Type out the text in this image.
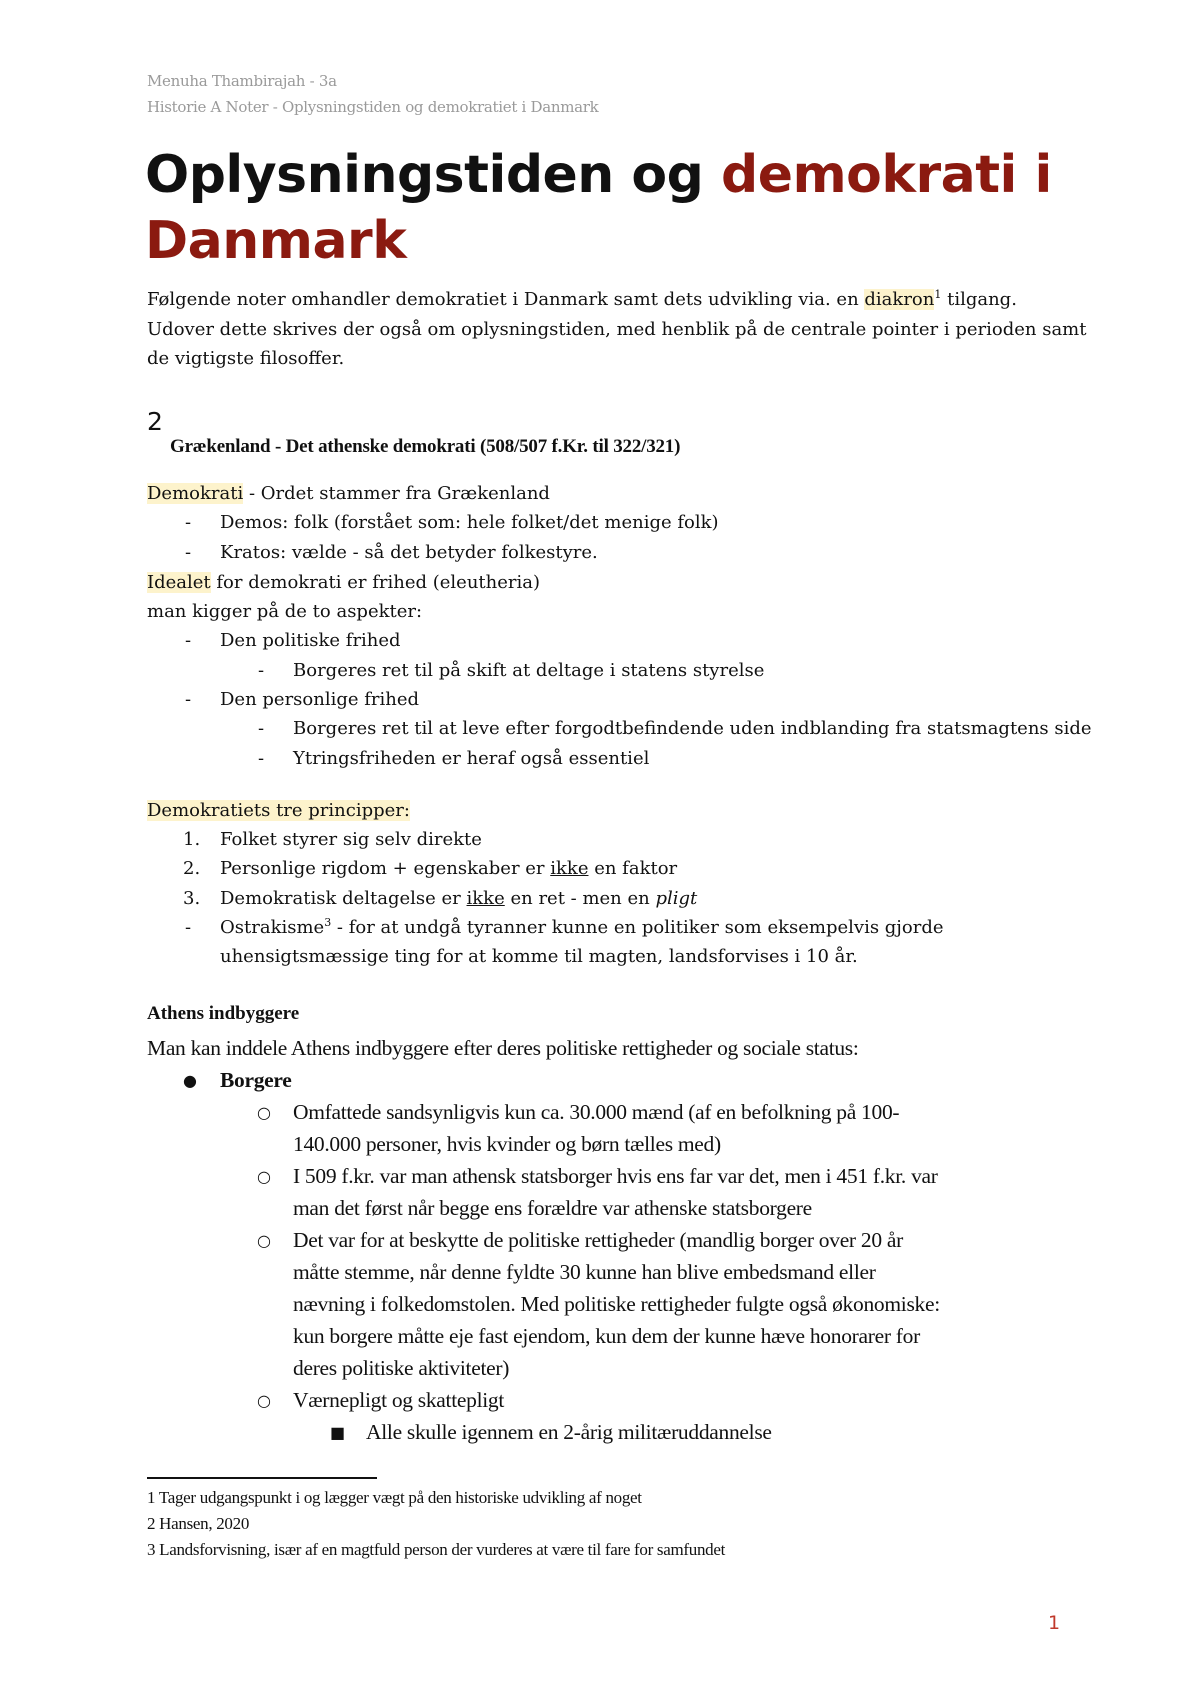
Menuha Thambirajah - 3a
Historie A Noter - Oplysningstiden og demokratiet i Danmark
Oplysningstiden og demokrati i
Danmark
Følgende noter omhandler demokratiet i Danmark samt dets udvikling via. en diakron$^1$ tilgang.
Udover dette skrives der også om oplysningstiden, med henblik på de centrale pointer i perioden samt
de vigtigste filosoffer.
2
Grækenland - Det athenske demokrati (508/507 f.Kr. til 322/321)
Demokrati - Ordet stammer fra Grækenland
- Demos: folk (forstået som: hele folket/det menige folk)
- Kratos: vælde - så det betyder folkestyre.
Idealet for demokrati er frihed (eleutheria)
man kigger på de to aspekter:
- Den politiske frihed
- Borgeres ret til på skift at deltage i statens styrelse
- Den personlige frihed
- Borgeres ret til at leve efter forgodtbefindende uden indblanding fra statsmagtens side
- Ytringsfriheden er heraf også essentiel
Demokratiets tre principper:
1. Folket styrer sig selv direkte
2. Personlige rigdom + egenskaber er ikke en faktor
3. Demokratisk deltagelse er ikke en ret - men en pligt
- Ostrakisme$^3$ - for at undgå tyranner kunne en politiker som eksempelvis gjorde
uhensigtsmæssige ting for at komme til magten, landsforvises i 10 år.
Athens indbyggere
Man kan inddele Athens indbyggere efter deres politiske rettigheder og sociale status:
● Borgere
○ Omfattede sandsynligvis kun ca. 30.000 mænd (af en befolkning på 100-
140.000 personer, hvis kvinder og børn tælles med)
○ I 509 f.kr. var man athensk statsborger hvis ens far var det, men i 451 f.kr. var
man det først når begge ens forældre var athenske statsborgere
○ Det var for at beskytte de politiske rettigheder (mandlig borger over 20 år
måtte stemme, når denne fyldte 30 kunne han blive embedsmand eller
nævning i folkedomstolen. Med politiske rettigheder fulgte også økonomiske:
kun borgere måtte eje fast ejendom, kun dem der kunne hæve honorarer for
deres politiske aktiviteter)
○ Værnepligt og skattepligt
■ Alle skulle igennem en 2-årig militæruddannelse
1 Tager udgangspunkt i og lægger vægt på den historiske udvikling af noget
2 Hansen, 2020
3 Landsforvisning, især af en magtfuld person der vurderes at være til fare for samfundet
1
